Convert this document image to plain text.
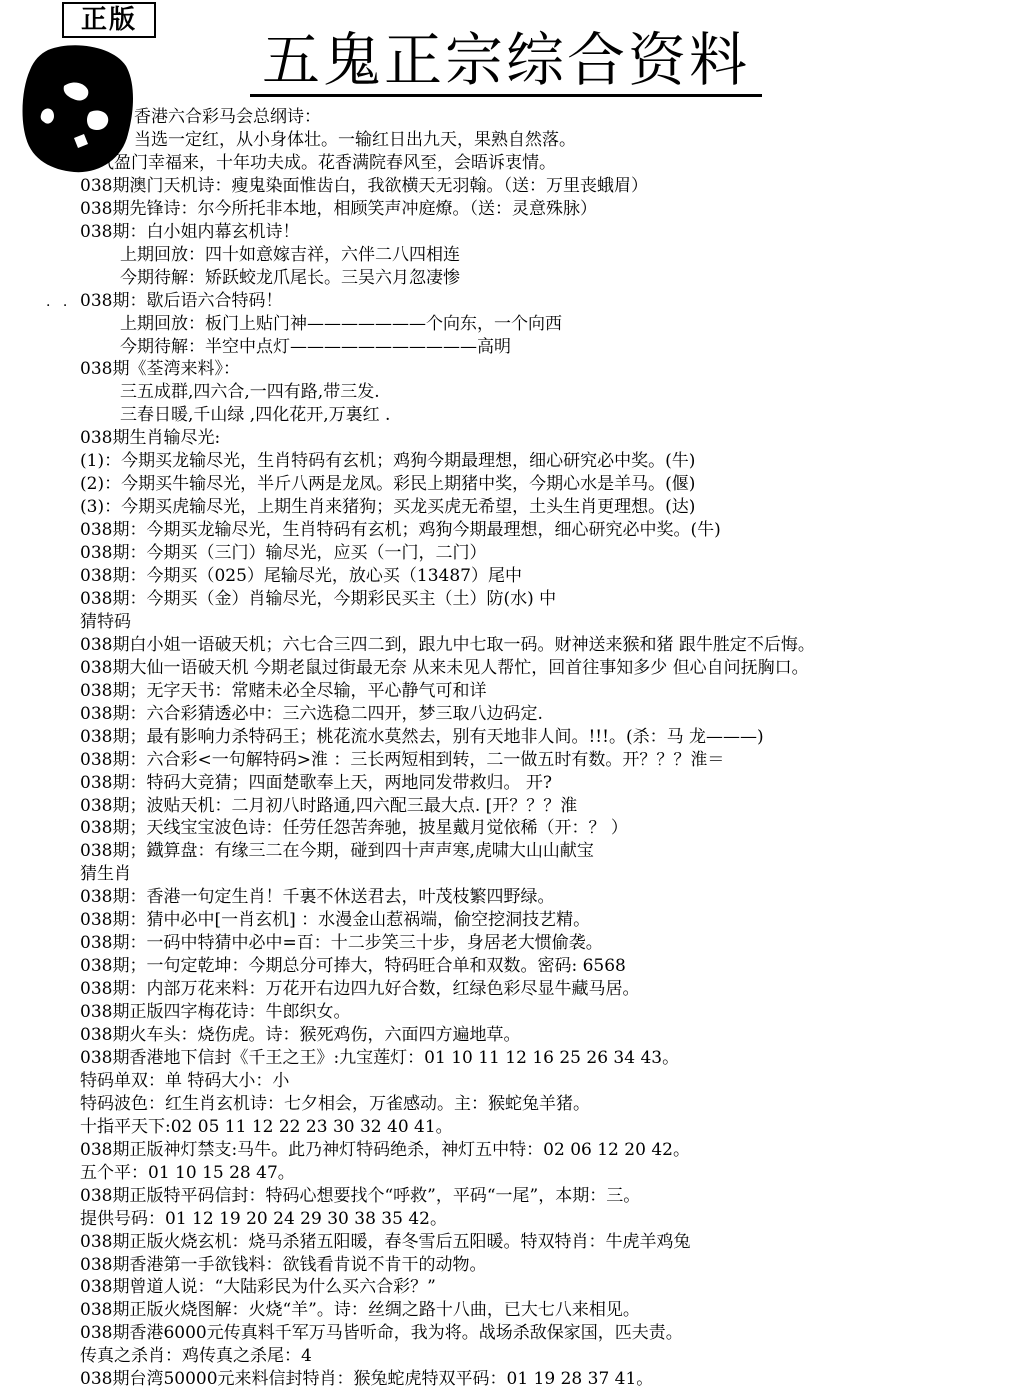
正版
五鬼正宗综合资料
· ·
香港六合彩马会总纲诗：
当选一定红，从小身体壮。一输红日出九天，果熟自然落。
喜气盈门幸福来，十年功夫成。花香满院春风至，会晤诉衷情。
038期澳门天机诗：瘦鬼染面惟齿白，我欲横天无羽翰。（送：万里丧蛾眉）
038期先锋诗：尔今所托非本地，相顾笑声冲庭燎。（送：灵意殊脉）
038期：白小姐内幕玄机诗！
上期回放：四十如意嫁吉祥，六伴二八四相连
今期待解：矫跃蛟龙爪尾长。三吴六月忽凄惨
038期：歇后语六合特码！
上期回放：板门上贴门神———————个向东，一个向西
今期待解：半空中点灯———————————高明
038期《荃湾来料》：
三五成群,四六合,一四有路,带三发.
三春日暖,千山绿 ,四化花开,万裏红 .
038期生肖输尽光:
(1)：今期买龙输尽光，生肖特码有玄机；鸡狗今期最理想，细心研究必中奖。(牛)
(2)：今期买牛输尽光，半斤八两是龙凤。彩民上期猪中奖，今期心水是羊马。(偃)
(3)：今期买虎输尽光，上期生肖来猪狗；买龙买虎无希望，土头生肖更理想。(达)
038期：今期买龙输尽光，生肖特码有玄机；鸡狗今期最理想，细心研究必中奖。(牛)
038期：今期买（三门）输尽光，应买（一门，二门）
038期：今期买（025）尾输尽光，放心买（13487）尾中
038期：今期买（金）肖输尽光，今期彩民买主（土）防(水) 中
猜特码
038期白小姐一语破天机；六七合三四二到，跟九中七取一码。财神送来猴和猪 跟牛胜定不后悔。
038期大仙一语破天机 今期老鼠过街最无奈 从来未见人帮忙，回首往事知多少 但心自问抚胸口。
038期；无字天书：常赌未必全尽输，平心静气可和详
038期：六合彩猜透必中：三六选稳二四开，梦三取八边码定.
038期；最有影响力杀特码王；桃花流水莫然去，别有天地非人间。!!!。(杀：马 龙———)
038期：六合彩<一句解特码>淮 ：三长两短相到转，二一做五时有数。开？？？淮＝
038期：特码大竞猜；四面楚歌奉上天，两地同发带救归。 开?
038期；波贴天机：二月初八时路通,四六配三最大点. [开？？？淮
038期；天线宝宝波色诗：任劳任怨苦奔驰，披星戴月觉依稀（开：？ ）
038期；鐡算盘：有缘三二在今期，碰到四十声声寒,虎啸大山山献宝
猜生肖
038期：香港一句定生肖！千裏不休送君去，叶茂枝繁四野绿。
038期：猜中必中[一肖玄机] ：水漫金山惹祸端，偷空挖洞技艺精。
038期：一码中特猜中必中=百：十二步笑三十步，身居老大惯偷袭。
038期；一句定乾坤：今期总分可捧大，特码旺合单和双数。密码: 6568
038期：内部万花来料：万花开右边四九好合数，红绿色彩尽显牛藏马居。
038期正版四字梅花诗：牛郎织女。
038期火车头：烧伤虎。诗：猴死鸡伤，六面四方遍地草。
038期香港地下信封《千王之王》:九宝莲灯：01 10 11 12 16 25 26 34 43。
特码单双：单 特码大小：小
特码波色：红生肖玄机诗：七夕相会，万雀感动。主：猴蛇兔羊猪。
十指平天下:02 05 11 12 22 23 30 32 40 41。
038期正版神灯禁支:马牛。此乃神灯特码绝杀，神灯五中特：02 06 12 20 42。
五个平：01 10 15 28 47。
038期正版特平码信封：特码心想要找个“呼救”，平码“一尾”，本期：三。
提供号码：01 12 19 20 24 29 30 38 35 42。
038期正版火烧玄机：烧马杀猪五阳暖，春冬雪后五阳暖。特双特肖：牛虎羊鸡兔
038期香港第一手欲钱料：欲钱看肯说不肯干的动物。
038期曾道人说：“大陆彩民为什么买六合彩？”
038期正版火烧图解：火烧“羊”。诗：丝绸之路十八曲，已大七八来相见。
038期香港6000元传真料千军万马皆听命，我为将。战场杀敌保家国，匹夫责。
传真之杀肖：鸡传真之杀尾：4
038期台湾50000元来料信封特肖：猴兔蛇虎特双平码：01 19 28 37 41。
